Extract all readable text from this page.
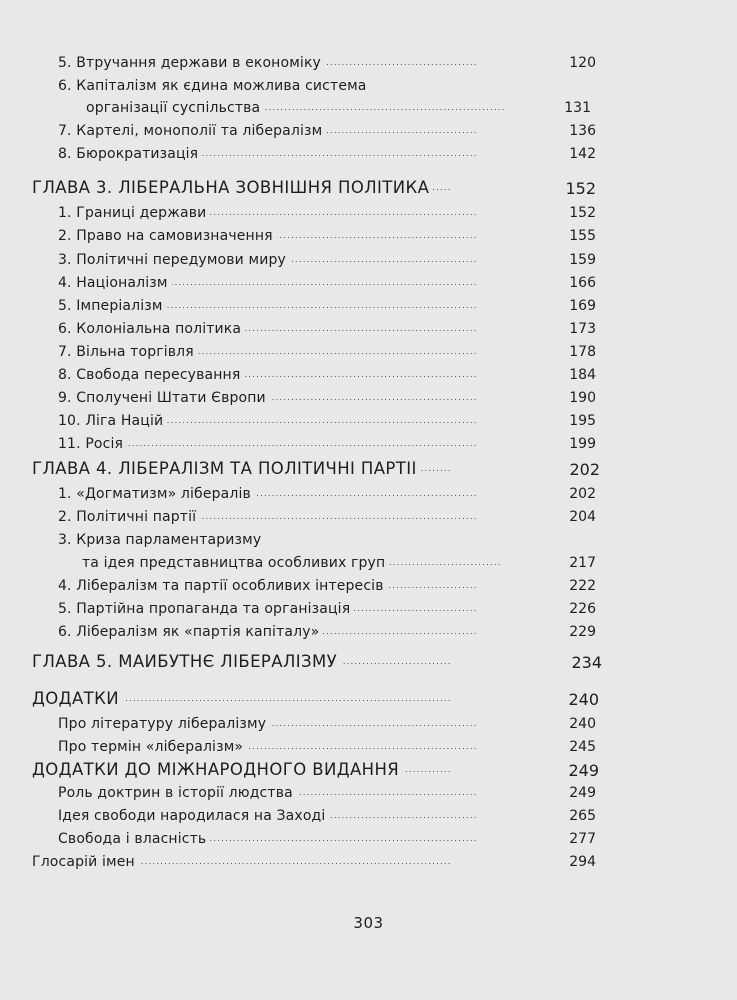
5. Втручання держави в економіку . . .	120
6. Капіталізм як єдина можлива система
організації суспільства . . .	131
7. Картелі, монополії та лібералізм . . .	136
8. Бюрократизація . . .	142
ГЛАВА 3. ЛІБЕРАЛЬНА ЗОВНІШНЯ ПОЛІТИКА . . .	152
1. Границі держави . . .	152
2. Право на самовизначення . . .	155
3. Політичні передумови миру . . .	159
4. Націоналізм . . .	166
5. Імперіалізм . . .	169
6. Колоніальна політика . . .	173
7. Вільна торгівля . . .	178
8. Свобода пересування . . .	184
9. Сполучені Штати Європи . . .	190
10. Ліга Націй . . .	195
11. Росія . . .	199
ГЛАВА 4. ЛІБЕРАЛІЗМ ТА ПОЛІТИЧНІ ПАРТІЇ . . .	202
1. «Догматизм» лібералів . . .	202
2. Політичні партії . . .	204
3. Криза парламентаризму
та ідея представництва особливих груп . . .	217
4. Лібералізм та партії особливих інтересів . . .	222
5. Партійна пропаганда та організація . . .	226
6. Лібералізм як «партія капіталу» . . .	229
ГЛАВА 5. МАЙБУТНЄ ЛІБЕРАЛІЗМУ . . .	234
ДОДАТКИ . . .	240
Про літературу лібералізму . . .	240
Про термін «лібералізм» . . .	245
ДОДАТКИ ДО МІЖНАРОДНОГО ВИДАННЯ . . .	249
Роль доктрин в історії людства . . .	249
Ідея свободи народилася на Заході . . .	265
Свобода і власність . . .	277
Глосарій імен . . .	294
303
